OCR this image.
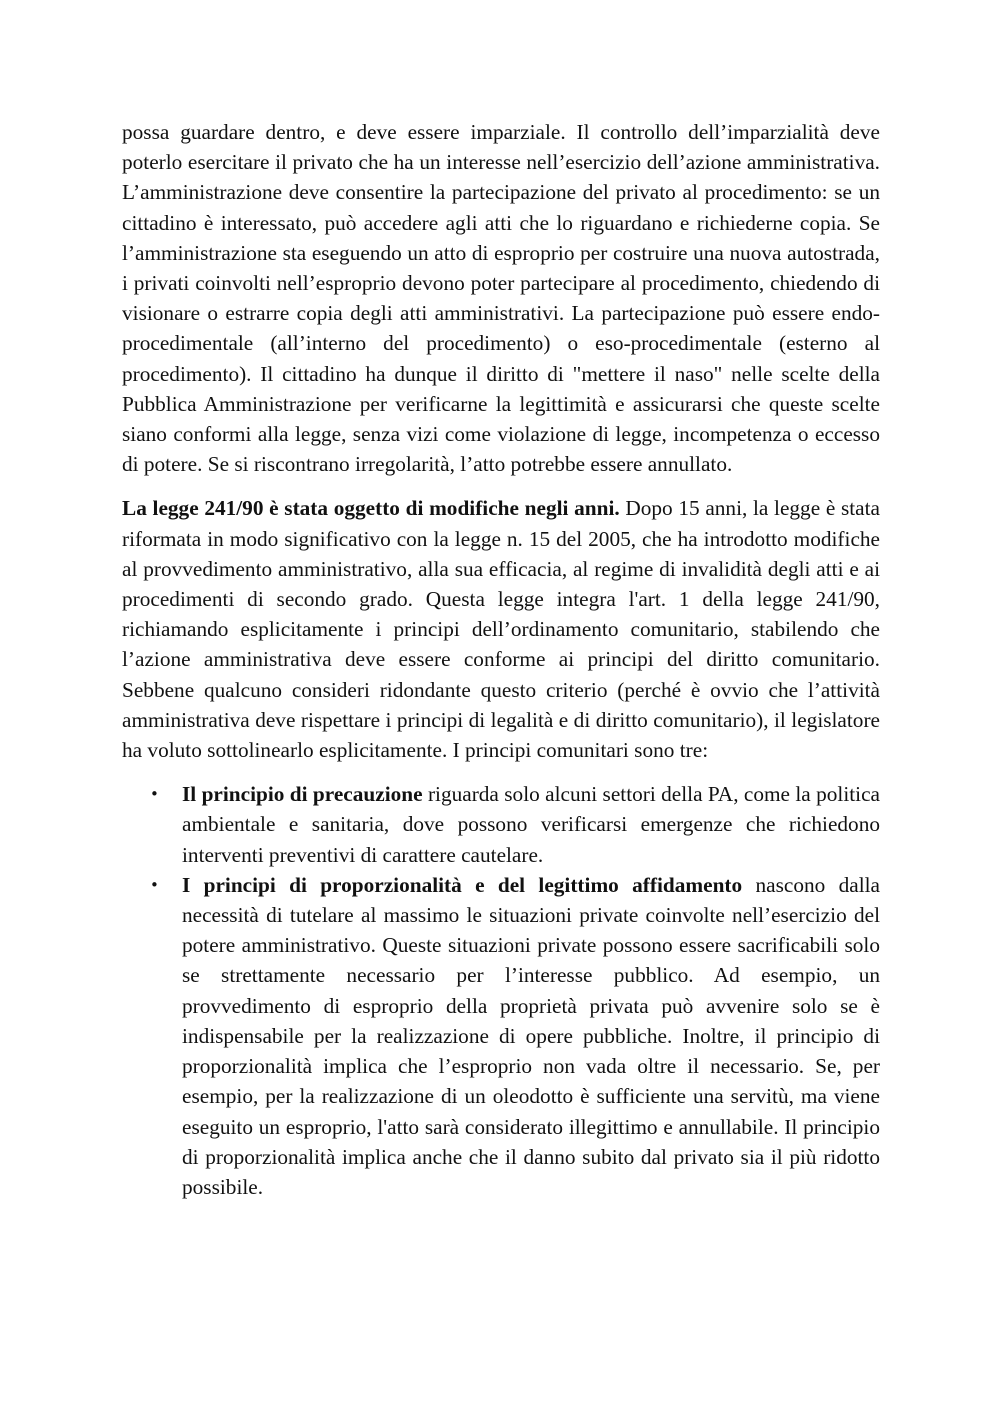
possa guardare dentro, e deve essere imparziale. Il controllo dell’imparzialità deve poterlo esercitare il privato che ha un interesse nell’esercizio dell’azione amministrativa. L’amministrazione deve consentire la partecipazione del privato al procedimento: se un cittadino è interessato, può accedere agli atti che lo riguardano e richiederne copia. Se l’amministrazione sta eseguendo un atto di esproprio per costruire una nuova autostrada, i privati coinvolti nell’esproprio devono poter partecipare al procedimento, chiedendo di visionare o estrarre copia degli atti amministrativi. La partecipazione può essere endo-procedimentale (all’interno del procedimento) o eso-procedimentale (esterno al procedimento). Il cittadino ha dunque il diritto di "mettere il naso" nelle scelte della Pubblica Amministrazione per verificarne la legittimità e assicurarsi che queste scelte siano conformi alla legge, senza vizi come violazione di legge, incompetenza o eccesso di potere. Se si riscontrano irregolarità, l’atto potrebbe essere annullato.

La legge 241/90 è stata oggetto di modifiche negli anni. Dopo 15 anni, la legge è stata riformata in modo significativo con la legge n. 15 del 2005, che ha introdotto modifiche al provvedimento amministrativo, alla sua efficacia, al regime di invalidità degli atti e ai procedimenti di secondo grado. Questa legge integra l'art. 1 della legge 241/90, richiamando esplicitamente i principi dell’ordinamento comunitario, stabilendo che l’azione amministrativa deve essere conforme ai principi del diritto comunitario. Sebbene qualcuno consideri ridondante questo criterio (perché è ovvio che l’attività amministrativa deve rispettare i principi di legalità e di diritto comunitario), il legislatore ha voluto sottolinearlo esplicitamente. I principi comunitari sono tre:

• Il principio di precauzione riguarda solo alcuni settori della PA, come la politica ambientale e sanitaria, dove possono verificarsi emergenze che richiedono interventi preventivi di carattere cautelare.
• I principi di proporzionalità e del legittimo affidamento nascono dalla necessità di tutelare al massimo le situazioni private coinvolte nell’esercizio del potere amministrativo. Queste situazioni private possono essere sacrificabili solo se strettamente necessario per l’interesse pubblico. Ad esempio, un provvedimento di esproprio della proprietà privata può avvenire solo se è indispensabile per la realizzazione di opere pubbliche. Inoltre, il principio di proporzionalità implica che l’esproprio non vada oltre il necessario. Se, per esempio, per la realizzazione di un oleodotto è sufficiente una servitù, ma viene eseguito un esproprio, l'atto sarà considerato illegittimo e annullabile. Il principio di proporzionalità implica anche che il danno subito dal privato sia il più ridotto possibile.
